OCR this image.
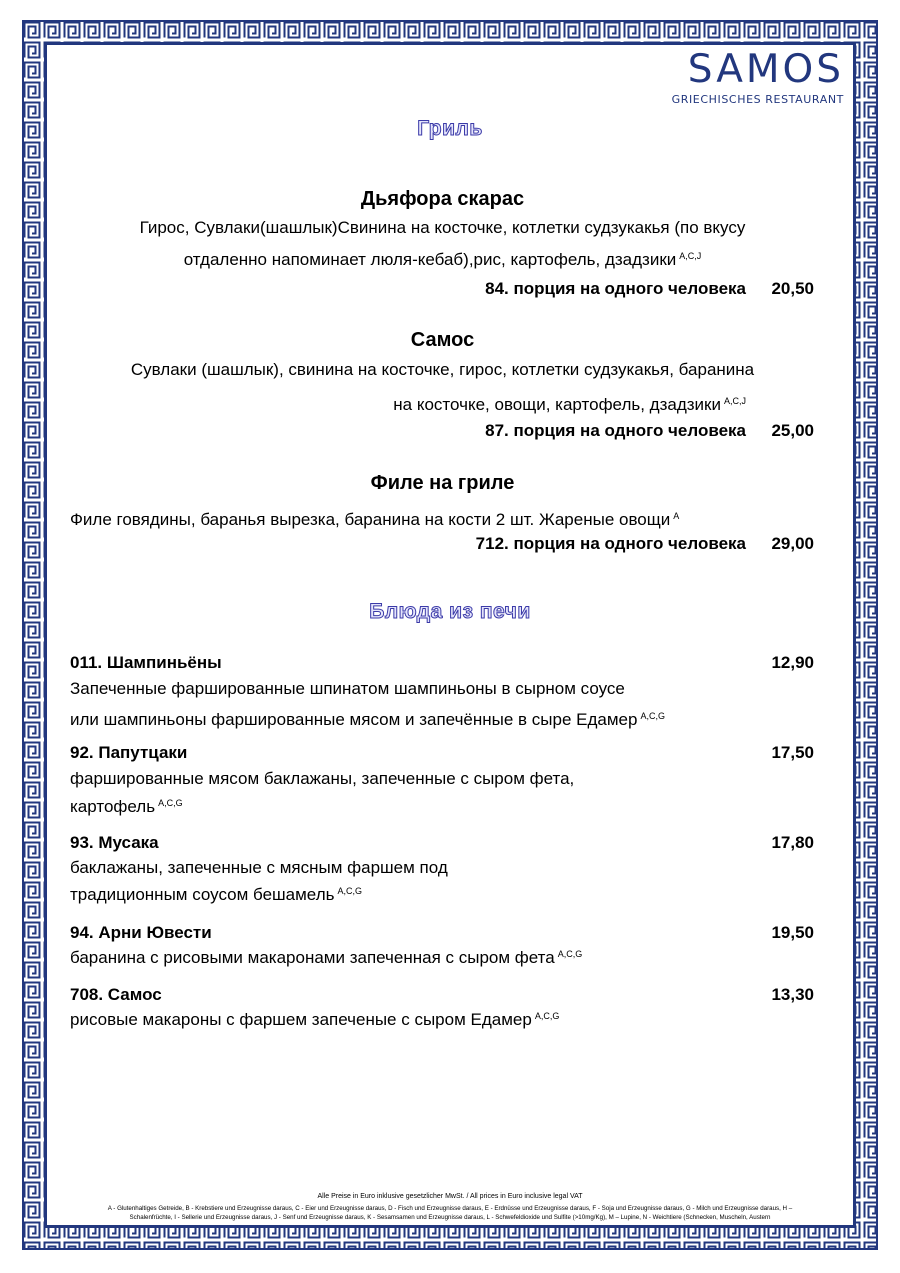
SAMOS
GRIECHISCHES RESTAURANT
Гриль
Дьяфора скарас
Гирос, Сувлаки(шашлык)Свинина на косточке, котлетки судзукакья (по вкусу
отдаленно напоминает люля-кебаб),рис, картофель, дзадзики $^{A,C,J}$
84. порция на одного человека 20,50
Самос
Сувлаки (шашлык), свинина на косточке, гирос, котлетки судзукакья, баранина
на косточке, овощи, картофель, дзадзики $^{A,C,J}$
87. порция на одного человека 25,00
Филе на гриле
Филе говядины, баранья вырезка, баранина на кости 2 шт. Жареные овощи $^A$
712. порция на одного человека 29,00
Блюда из печи
011. Шампиньёны	12,90
Запеченные фаршированные шпинатом шампиньоны в сырном соусе
или шампиньоны фаршированные мясом и запечённые в сыре Едамер $^{A,C,G}$
92. Папутцаки	17,50
фаршированные мясом баклажаны, запеченные с сыром фета,
картофель $^{A,C,G}$
93. Мусака	17,80
баклажаны, запеченные с мясным фаршем под
традиционным соусом бешамель $^{A,C,G}$
94. Арни Ювести	19,50
баранина с рисовыми макаронами запеченная с сыром фета $^{A,C,G}$
708. Самос	13,30
рисовые макароны с фаршем запеченые с сыром Едамер $^{A,C,G}$
Alle Preise in Euro inklusive gesetzlicher MwSt. / All prices in Euro inclusive legal VAT
A - Glutenhaltiges Getreide, B - Krebstiere und Erzeugnisse daraus, C - Eier und Erzeugnisse daraus, D - Fisch und Erzeugnisse daraus, E - Erdnüsse und Erzeugnisse daraus, F - Soja und Erzeugnisse daraus, G - Milch und Erzeugnisse daraus, H –
Schalenfrüchte, I - Sellerie und Erzeugnisse daraus, J - Senf und Erzeugnisse daraus, K - Sesamsamen und Erzeugnisse daraus, L - Schwefeldioxide und Sulfite (>10mg/Kg), M – Lupine, N - Weichtiere (Schnecken, Muscheln, Austern
